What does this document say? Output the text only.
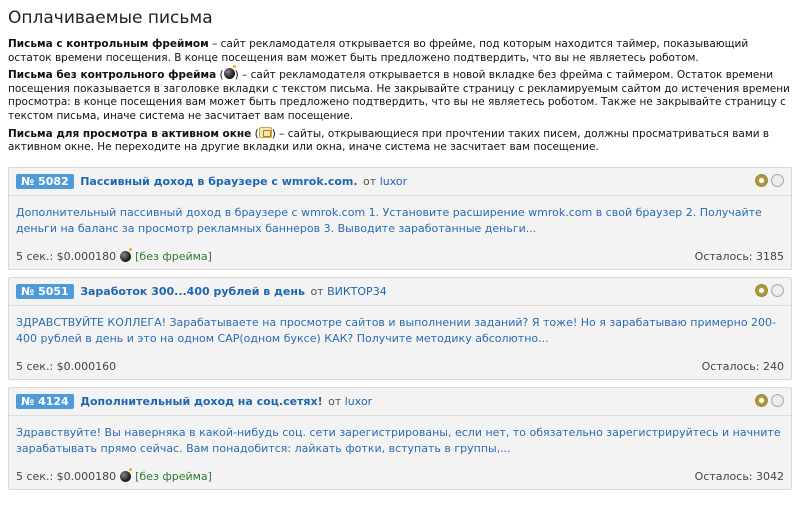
Оплачиваемые письма

Письма с контрольным фреймом – сайт рекламодателя открывается во фрейме, под которым находится таймер, показывающий остаток времени посещения. В конце посещения вам может быть предложено подтвердить, что вы не являетесь роботом.

Письма без контрольного фрейма ( ) – сайт рекламодателя открывается в новой вкладке без фрейма с таймером. Остаток времени посещения показывается в заголовке вкладки с текстом письма. Не закрывайте страницу с рекламируемым сайтом до истечения времени просмотра: в конце посещения вам может быть предложено подтвердить, что вы не являетесь роботом. Также не закрывайте страницу с текстом письма, иначе система не засчитает вам посещение.

Письма для просмотра в активном окне ( ) – сайты, открывающиеся при прочтении таких писем, должны просматриваться вами в активном окне. Не переходите на другие вкладки или окна, иначе система не засчитает вам посещение.

№ 5082 Пассивный доход в браузере с wmrok.com. от luxor
Дополнительный пассивный доход в браузере с wmrok.com 1. Установите расширение wmrok.com в свой браузер 2. Получайте деньги на баланс за просмотр рекламных баннеров 3. Выводите заработанные деньги...
5 сек.: $0.000180 [без фрейма]	Осталось: 3185
№ 5051 Заработок 300...400 рублей в день от ВИКТОР34
ЗДРАВСТВУЙТЕ КОЛЛЕГА! Зарабатываете на просмотре сайтов и выполнении заданий? Я тоже! Но я зарабатываю примерно 200-400 рублей в день и это на одном САР(одном буксе) КАК? Получите методику абсолютно...
5 сек.: $0.000160	Осталось: 240
№ 4124 Дополнительный доход на соц.сетях! от luxor
Здравствуйте! Вы наверняка в какой-нибудь соц. сети зарегистрированы, если нет, то обязательно зарегистрируйтесь и начните зарабатывать прямо сейчас. Вам понадобится: лайкать фотки, вступать в группы,...
5 сек.: $0.000180 [без фрейма]	Осталось: 3042
